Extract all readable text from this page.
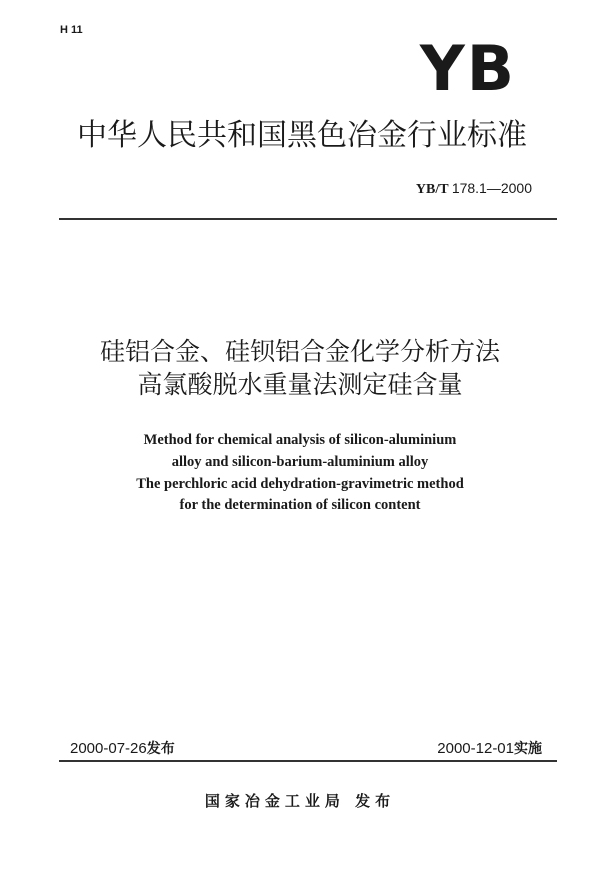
H 11
YB
中华人民共和国黑色冶金行业标准
YB/T 178.1—2000
硅铝合金、硅钡铝合金化学分析方法
高氯酸脱水重量法测定硅含量
Method for chemical analysis of silicon-aluminium
alloy and silicon-barium-aluminium alloy
The perchloric acid dehydration-gravimetric method
for the determination of silicon content
2000-07-26发布	2000-12-01实施
国家冶金工业局 发布
